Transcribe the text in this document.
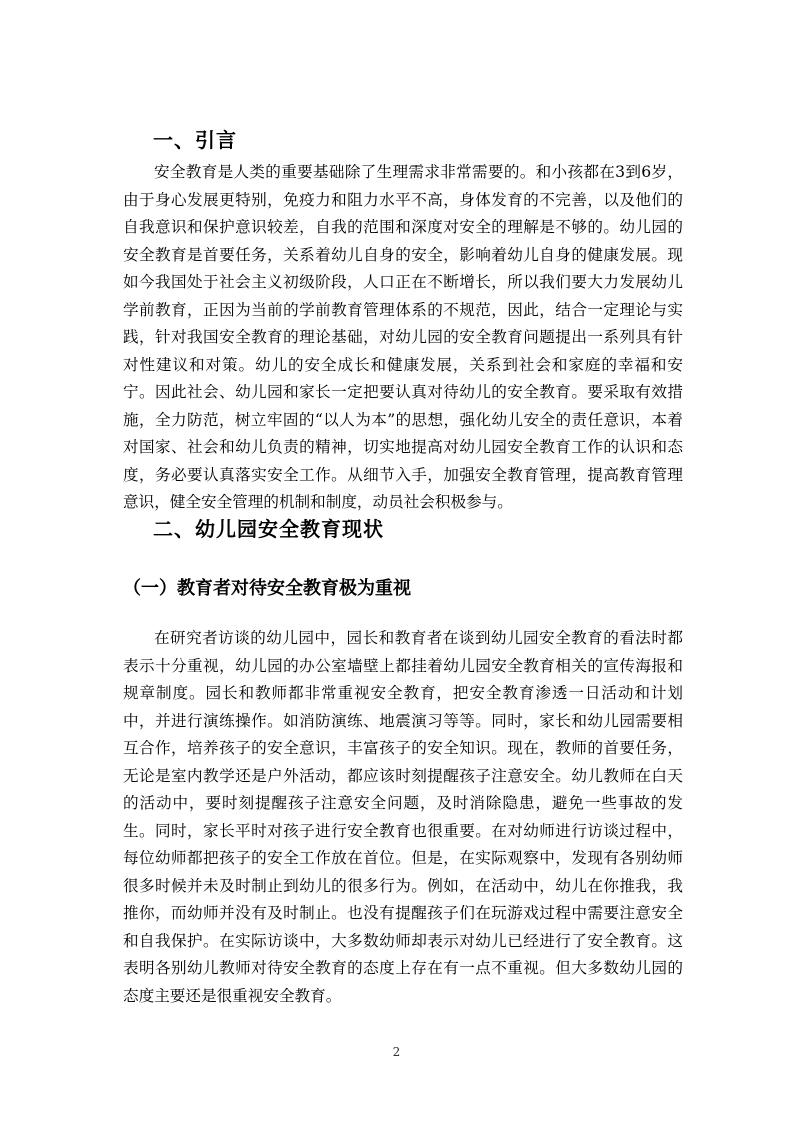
一、引言

安全教育是人类的重要基础除了生理需求非常需要的。和小孩都在3到6岁，由于身心发展更特别，免疫力和阻力水平不高，身体发育的不完善，以及他们的自我意识和保护意识较差，自我的范围和深度对安全的理解是不够的。幼儿园的安全教育是首要任务，关系着幼儿自身的安全，影响着幼儿自身的健康发展。现如今我国处于社会主义初级阶段，人口正在不断增长，所以我们要大力发展幼儿学前教育，正因为当前的学前教育管理体系的不规范，因此，结合一定理论与实践，针对我国安全教育的理论基础，对幼儿园的安全教育问题提出一系列具有针对性建议和对策。幼儿的安全成长和健康发展，关系到社会和家庭的幸福和安宁。因此社会、幼儿园和家长一定把要认真对待幼儿的安全教育。要采取有效措施，全力防范，树立牢固的“以人为本”的思想，强化幼儿安全的责任意识，本着对国家、社会和幼儿负责的精神，切实地提高对幼儿园安全教育工作的认识和态度，务必要认真落实安全工作。从细节入手，加强安全教育管理，提高教育管理意识，健全安全管理的机制和制度，动员社会积极参与。

二、幼儿园安全教育现状
（一）教育者对待安全教育极为重视

在研究者访谈的幼儿园中，园长和教育者在谈到幼儿园安全教育的看法时都表示十分重视，幼儿园的办公室墙壁上都挂着幼儿园安全教育相关的宣传海报和规章制度。园长和教师都非常重视安全教育，把安全教育渗透一日活动和计划中，并进行演练操作。如消防演练、地震演习等等。同时，家长和幼儿园需要相互合作，培养孩子的安全意识，丰富孩子的安全知识。现在，教师的首要任务，无论是室内教学还是户外活动，都应该时刻提醒孩子注意安全。幼儿教师在白天的活动中，要时刻提醒孩子注意安全问题，及时消除隐患，避免一些事故的发生。同时，家长平时对孩子进行安全教育也很重要。在对幼师进行访谈过程中，每位幼师都把孩子的安全工作放在首位。但是，在实际观察中，发现有各别幼师很多时候并未及时制止到幼儿的很多行为。例如，在活动中，幼儿在你推我，我推你，而幼师并没有及时制止。也没有提醒孩子们在玩游戏过程中需要注意安全和自我保护。在实际访谈中，大多数幼师却表示对幼儿已经进行了安全教育。这表明各别幼儿教师对待安全教育的态度上存在有一点不重视。但大多数幼儿园的态度主要还是很重视安全教育。

2
